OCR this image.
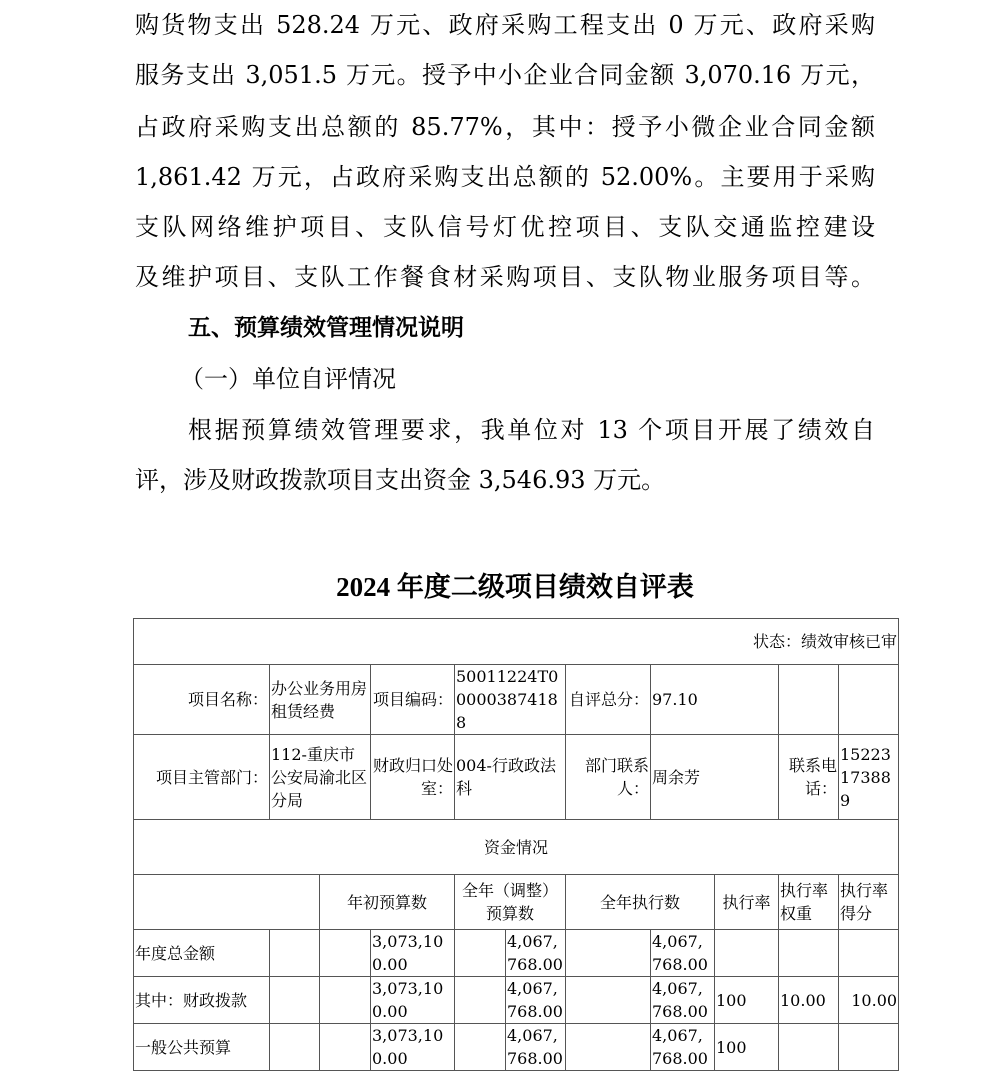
购货物支出 528.24 万元、政府采购工程支出 0 万元、政府采购
服务支出 3,051.5 万元。授予中小企业合同金额 3,070.16 万元，
占政府采购支出总额的 85.77%，其中：授予小微企业合同金额
1,861.42 万元，占政府采购支出总额的 52.00%。主要用于采购
支队网络维护项目、支队信号灯优控项目、支队交通监控建设
及维护项目、支队工作餐食材采购项目、支队物业服务项目等。
五、预算绩效管理情况说明
（一）单位自评情况
根据预算绩效管理要求，我单位对 13 个项目开展了绩效自
评，涉及财政拨款项目支出资金 3,546.93 万元。
2024 年度二级项目绩效自评表
状态：绩效审核已审										
项目名称：	办公业务用房租赁经费		项目编码：	50011224T000003874188		自评总分：	97.10			
项目主管部门：	112-重庆市公安局渝北区分局		财政归口处室：	004-行政政法科		部门联系人：	周余芳		联系电话：	15223173889
资金情况										
		年初预算数		全年（调整）预算数		全年执行数		执行率	执行率权重	执行率得分
年度总金额			3,073,100.00		4,067,768.00		4,067,768.00			
其中：财政拨款			3,073,100.00		4,067,768.00		4,067,768.00	100	10.00	10.00
一般公共预算			3,073,100.00		4,067,768.00		4,067,768.00	100		
